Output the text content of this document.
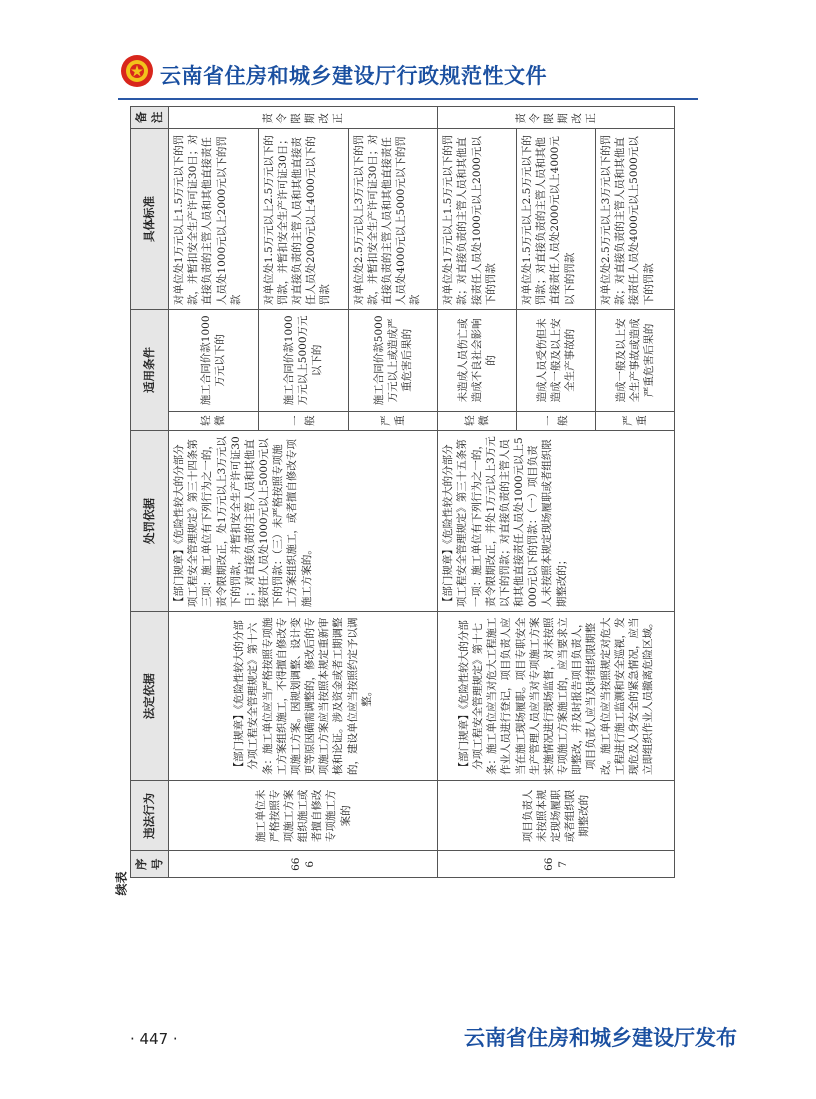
云南省住房和城乡建设厅行政规范性文件
续表
序号	违法行为	法定依据	处罚依据	适用条件		具体标准	备注
666	施工单位未严格按照专项施工方案组织施工或者擅自修改专项施工方案的	【部门规章】《危险性较大的分部分项工程安全管理规定》第十六条：施工单位应当严格按照专项施工方案组织施工，不得擅自修改专项施工方案。因规划调整、设计变更等原因确需调整的，修改后的专项施工方案应当按照本规定重新审核和论证。涉及资金或者工期调整的，建设单位应当按照约定予以调整。	【部门规章】《危险性较大的分部分项工程安全管理规定》第三十四条第三项：施工单位有下列行为之一的，责令限期改正，处1万元以上3万元以下的罚款，并暂扣安全生产许可证30日；对直接负责的主管人员和其他直接责任人员处1000元以上5000元以下的罚款：（三）未严格按照专项施工方案组织施工，或者擅自修改专项施工方案的。	轻微	施工合同价款1000万元以下的	对单位处1万元以上1.5万元以下的罚款，并暂扣安全生产许可证30日；对直接负责的主管人员和其他直接责任人员处1000元以上2000元以下的罚款	责令限期改正
				一般	施工合同价款1000万元以上5000万元以下的	对单位处1.5万元以上2.5万元以下的罚款，并暂扣安全生产许可证30日；对直接负责的主管人员和其他直接责任人员处2000元以上4000元以下的罚款	
				严重	施工合同价款5000万元以上或造成严重危害后果的	对单位处2.5万元以上3万元以下的罚款，并暂扣安全生产许可证30日；对直接负责的主管人员和其他直接责任人员处4000元以上5000元以下的罚款	
667	项目负责人未按照本规定现场履职或者组织限期整改的	【部门规章】《危险性较大的分部分项工程安全管理规定》第十七条：施工单位应当对危大工程施工作业人员进行登记，项目负责人应当在施工现场履职。项目专职安全生产管理人员应当对专项施工方案实施情况进行现场监督，对未按照专项施工方案施工的，应当要求立即整改，并及时报告项目负责人，项目负责人应当及时组织限期整改。施工单位应当按照规定对危大工程进行施工监测和安全巡视，发现危及人身安全的紧急情况，应当立即组织作业人员撤离危险区域。	【部门规章】《危险性较大的分部分项工程安全管理规定》第三十五条第一项：施工单位有下列行为之一的，责令限期改正，并处1万元以上3万元以下的罚款；对直接负责的主管人员和其他直接责任人员处1000元以上5000元以下的罚款：（一）项目负责人未按照本规定现场履职或者组织限期整改的；	轻微	未造成人员伤亡或造成不良社会影响的	对单位处1万元以上1.5万元以下的罚款；对直接负责的主管人员和其他直接责任人员处1000元以上2000元以下的罚款	责令限期改正
				一般	造成人员受伤但未造成一般及以上安全生产事故的	对单位处1.5万元以上2.5万元以下的罚款；对直接负责的主管人员和其他直接责任人员处2000元以上4000元以下的罚款	
				严重	造成一般及以上安全生产事故或造成严重危害后果的	对单位处2.5万元以上3万元以下的罚款；对直接负责的主管人员和其他直接责任人员处4000元以上5000元以下的罚款	
· 447 ·	云南省住房和城乡建设厅发布
